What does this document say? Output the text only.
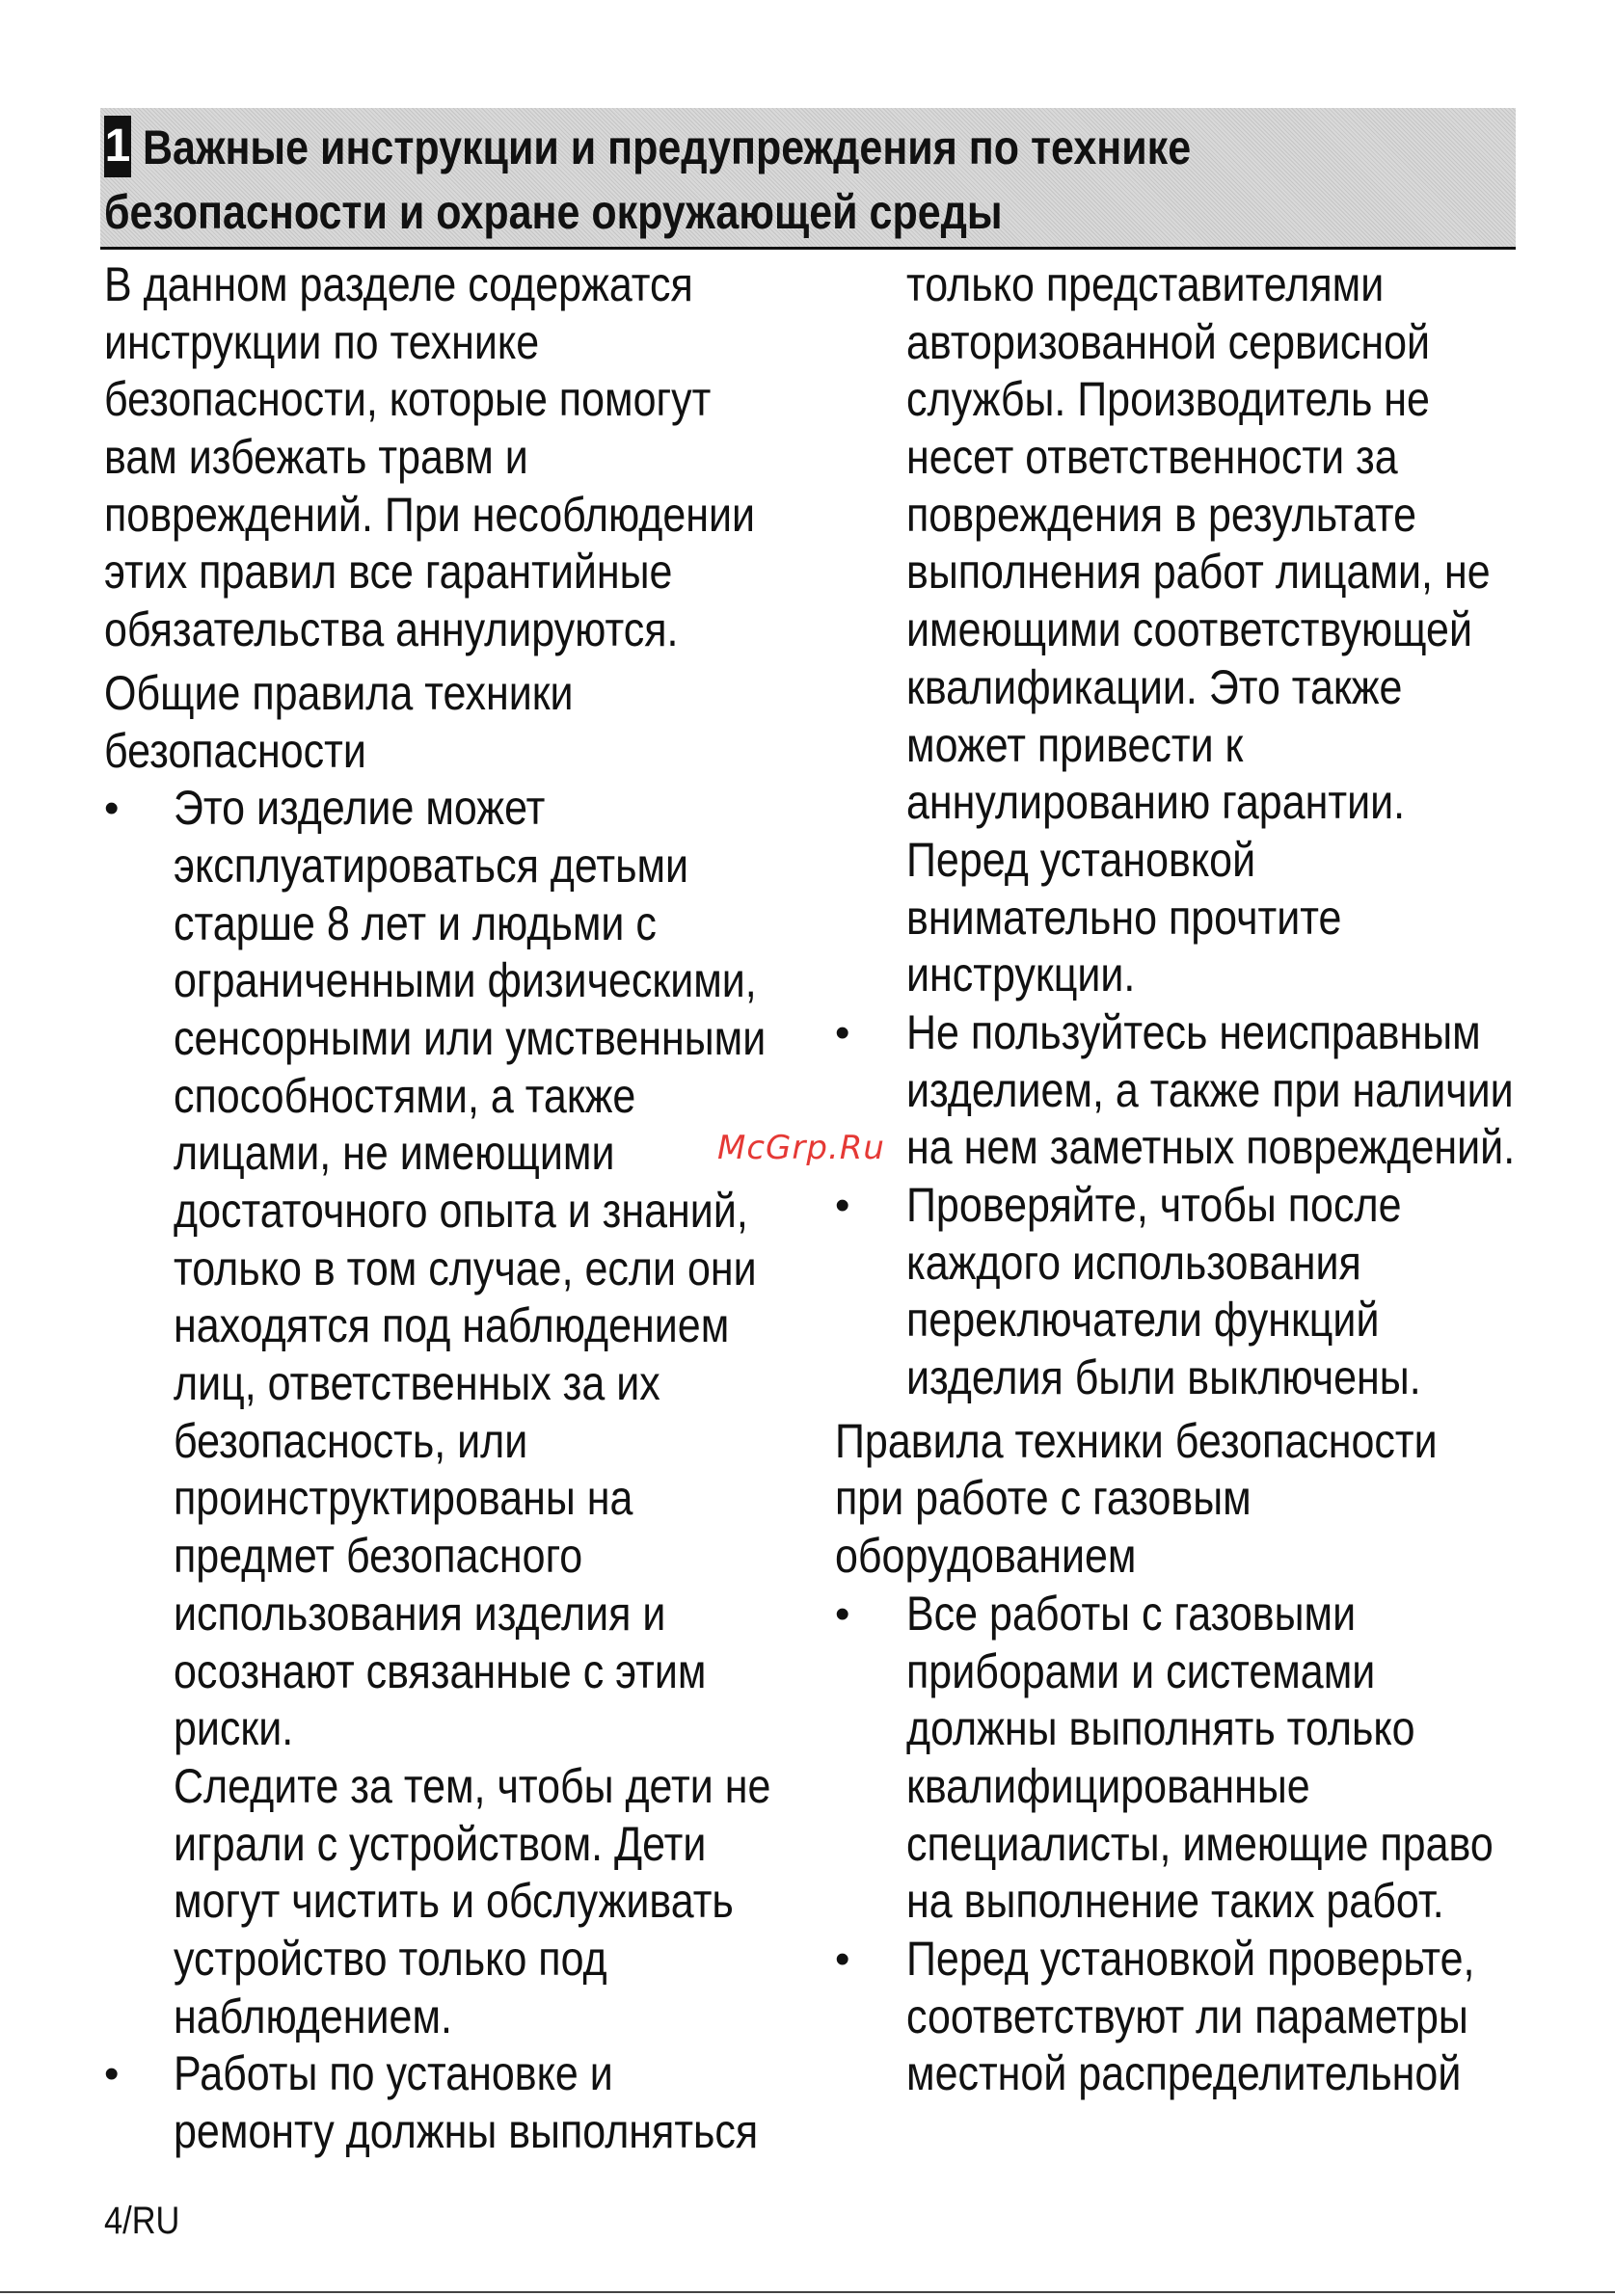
1 Важные инструкции и предупреждения по технике
безопасности и охране окружающей среды
В данном разделе содержатся
инструкции по технике
безопасности, которые помогут
вам избежать травм и
повреждений. При несоблюдении
этих правил все гарантийные
обязательства аннулируются.
Общие правила техники
безопасности
• Это изделие может
эксплуатироваться детьми
старше 8 лет и людьми с
ограниченными физическими,
сенсорными или умственными
способностями, а также
лицами, не имеющими
достаточного опыта и знаний,
только в том случае, если они
находятся под наблюдением
лиц, ответственных за их
безопасность, или
проинструктированы на
предмет безопасного
использования изделия и
осознают связанные с этим
риски.
Следите за тем, чтобы дети не
играли с устройством. Дети
могут чистить и обслуживать
устройство только под
наблюдением.
• Работы по установке и
ремонту должны выполняться
только представителями
авторизованной сервисной
службы. Производитель не
несет ответственности за
повреждения в результате
выполнения работ лицами, не
имеющими соответствующей
квалификации. Это также
может привести к
аннулированию гарантии.
Перед установкой
внимательно прочтите
инструкции.
• Не пользуйтесь неисправным
изделием, а также при наличии
на нем заметных повреждений.
• Проверяйте, чтобы после
каждого использования
переключатели функций
изделия были выключены.
Правила техники безопасности
при работе с газовым
оборудованием
• Все работы с газовыми
приборами и системами
должны выполнять только
квалифицированные
специалисты, имеющие право
на выполнение таких работ.
• Перед установкой проверьте,
соответствуют ли параметры
местной распределительной
McGrp.Ru
4/RU
